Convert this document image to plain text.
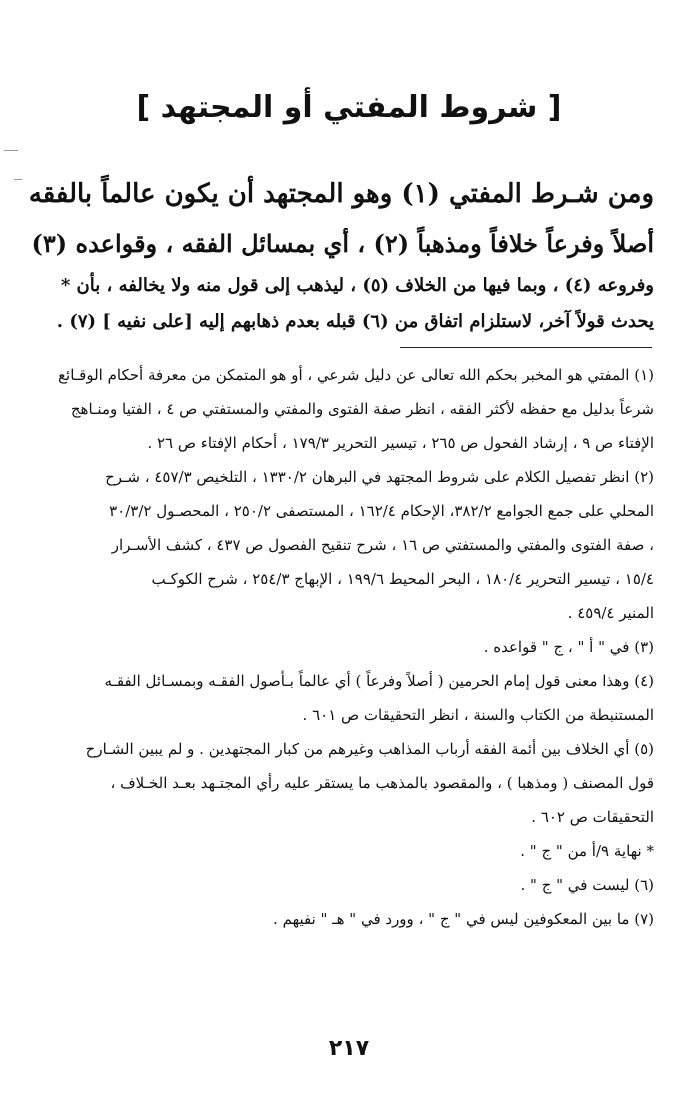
[ شروط المفتي أو المجتهد ]
ومن شـرط المفتي (١) وهو المجتهد أن يكون عالماً بالفقه
أصلاً وفرعاً خلافاً ومذهباً (٢) ، أي بمسائل الفقه ، وقواعده (٣)
وفروعه (٤) ، وبما فيها من الخلاف (٥) ، ليذهب إلى قول منه ولا يخالفه ، بأن *
يحدث قولاً آخر، لاستلزام اتفاق من (٦) قبله بعدم ذهابهم إليه [على نفيه ] (٧) .
(١) المفتي هو المخبر بحكم الله تعالى عن دليل شرعي ، أو هو المتمكن من معرفة أحكام الوقـائع
شرعاً بدليل مع حفظه لأكثر الفقه ، انظر صفة الفتوى والمفتي والمستفتي ص ٤ ، الفتيا ومنـاهج
الإفتاء ص ٩ ، إرشاد الفحول ص ٢٦٥ ، تيسير التحرير ١٧٩/٣ ، أحكام الإفتاء ص ٢٦ .
(٢) انظر تفصيل الكلام على شروط المجتهد في البرهان ١٣٣٠/٢ ، التلخيص ٤٥٧/٣ ، شـرح
المحلي على جمع الجوامع ٣٨٢/٢، الإحكام ١٦٢/٤ ، المستصفى ٢٥٠/٢ ، المحصـول ٣٠/٣/٢
، صفة الفتوى والمفتي والمستفتي ص ١٦ ، شرح تنقيح الفصول ص ٤٣٧ ، كشف الأسـرار
١٥/٤ ، تيسير التحرير ١٨٠/٤ ، البحر المحيط ١٩٩/٦ ، الإبهاج ٢٥٤/٣ ، شرح الكوكـب
المنير ٤٥٩/٤ .
(٣) في " أ " ، ج " قواعده .
(٤) وهذا معنى قول إمام الحرمين ( أصلاً وفرعاً ) أي عالماً بـأصول الفقـه وبمسـائل الفقـه
المستنبطة من الكتاب والسنة ، انظر التحقيقات ص ٦٠١ .
(٥) أي الخلاف بين أئمة الفقه أرباب المذاهب وغيرهم من كبار المجتهدين . و لم يبين الشـارح
قول المصنف ( ومذهبا ) ، والمقصود بالمذهب ما يستقر عليه رأي المجتـهد بعـد الخـلاف ،
التحقيقات ص ٦٠٢ .
* نهاية ٩/أ من " ج " .
(٦) ليست في " ج " .
(٧) ما بين المعكوفين ليس في " ج " ، وورد في " هـ " نفيهم .
٢١٧
